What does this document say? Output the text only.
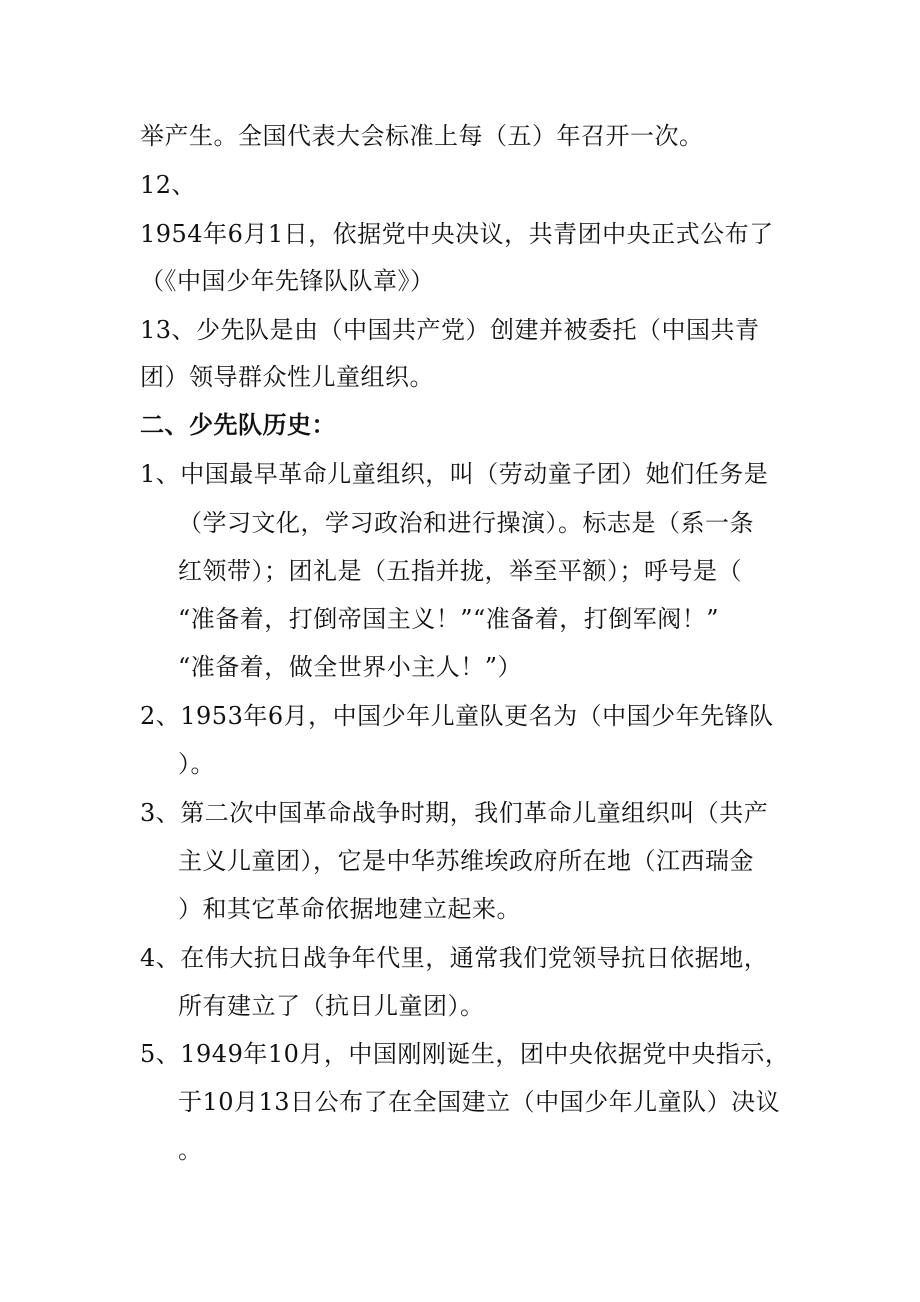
举产生。全国代表大会标准上每（五）年召开一次。
12、
1954年6月1日，依据党中央决议，共青团中央正式公布了
（《中国少年先锋队队章》）
13、少先队是由（中国共产党）创建并被委托（中国共青
团）领导群众性儿童组织。
二、少先队历史：
1、中国最早革命儿童组织，叫（劳动童子团）她们任务是
（学习文化，学习政治和进行操演）。标志是（系一条
红领带）；团礼是（五指并拢，举至平额）；呼号是（
“准备着，打倒帝国主义！”“准备着，打倒军阀！”
“准备着，做全世界小主人！”）
2、1953年6月，中国少年儿童队更名为（中国少年先锋队
）。
3、第二次中国革命战争时期，我们革命儿童组织叫（共产
主义儿童团），它是中华苏维埃政府所在地（江西瑞金
）和其它革命依据地建立起来。
4、在伟大抗日战争年代里，通常我们党领导抗日依据地，
所有建立了（抗日儿童团）。
5、1949年10月，中国刚刚诞生，团中央依据党中央指示，
于10月13日公布了在全国建立（中国少年儿童队）决议
。
